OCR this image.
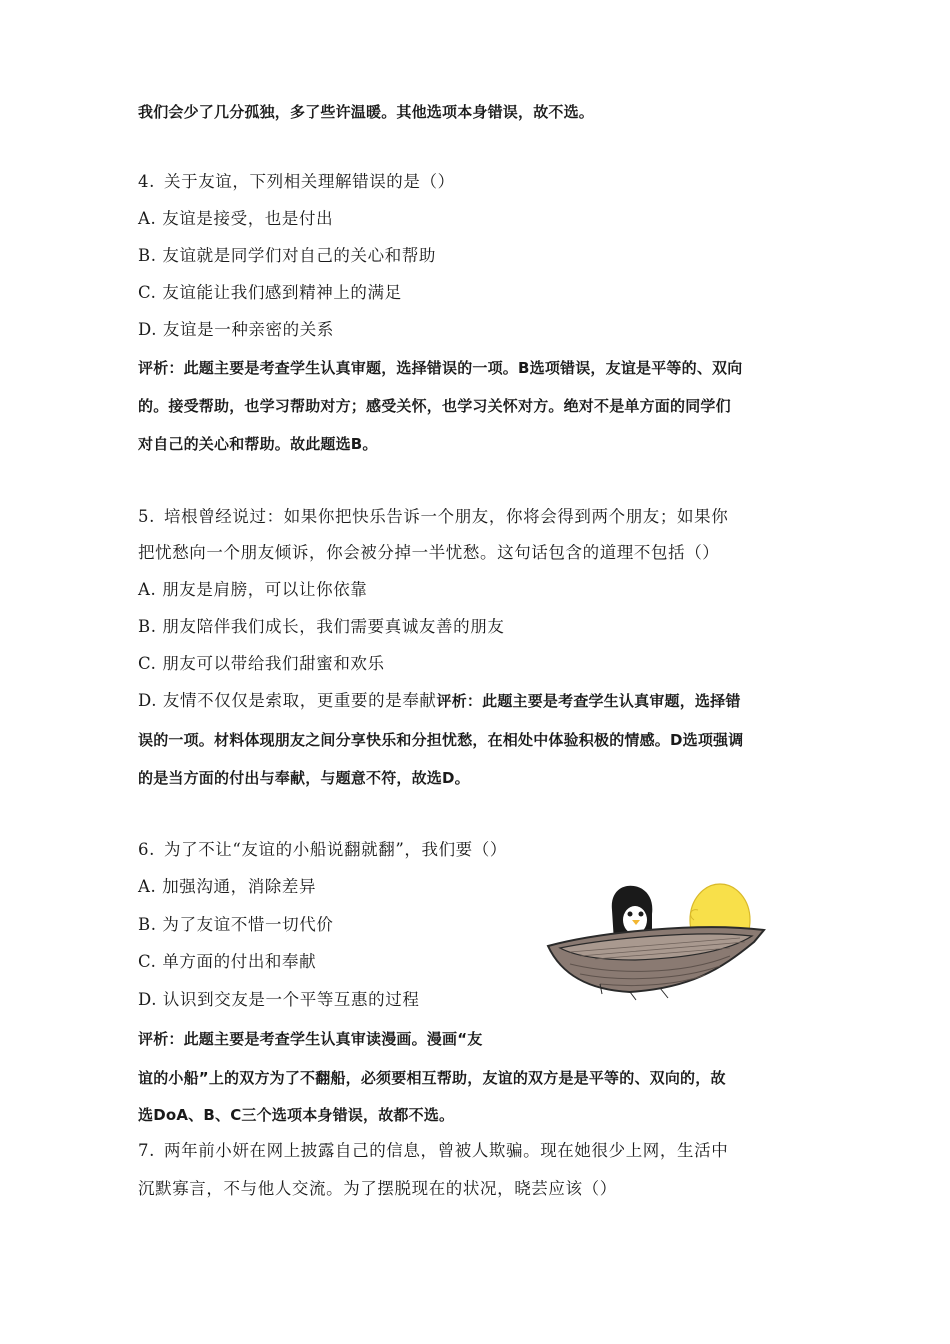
我们会少了几分孤独，多了些许温暖。其他选项本身错误，故不选。
4. 关于友谊，下列相关理解错误的是（）
A. 友谊是接受，也是付出
B. 友谊就是同学们对自己的关心和帮助
C. 友谊能让我们感到精神上的满足
D. 友谊是一种亲密的关系
评析：此题主要是考查学生认真审题，选择错误的一项。B选项错误，友谊是平等的、双向
的。接受帮助，也学习帮助对方；感受关怀，也学习关怀对方。绝对不是单方面的同学们
对自己的关心和帮助。故此题选B。
5. 培根曾经说过：如果你把快乐告诉一个朋友，你将会得到两个朋友；如果你
把忧愁向一个朋友倾诉，你会被分掉一半忧愁。这句话包含的道理不包括（）
A. 朋友是肩膀，可以让你依靠
B. 朋友陪伴我们成长，我们需要真诚友善的朋友
C. 朋友可以带给我们甜蜜和欢乐
D. 友情不仅仅是索取，更重要的是奉献评析：此题主要是考查学生认真审题，选择错
误的一项。材料体现朋友之间分享快乐和分担忧愁，在相处中体验积极的情感。D选项强调
的是当方面的付出与奉献，与题意不符，故选D。
6. 为了不让“友谊的小船说翻就翻”，我们要（）
A. 加强沟通，消除差异
B. 为了友谊不惜一切代价
C. 单方面的付出和奉献
D. 认识到交友是一个平等互惠的过程
评析：此题主要是考查学生认真审读漫画。漫画“友
谊的小船”上的双方为了不翻船，必须要相互帮助，友谊的双方是是平等的、双向的，故
选DoA、B、C三个选项本身错误，故都不选。
7. 两年前小妍在网上披露自己的信息，曾被人欺骗。现在她很少上网，生活中
沉默寡言，不与他人交流。为了摆脱现在的状况，晓芸应该（）
